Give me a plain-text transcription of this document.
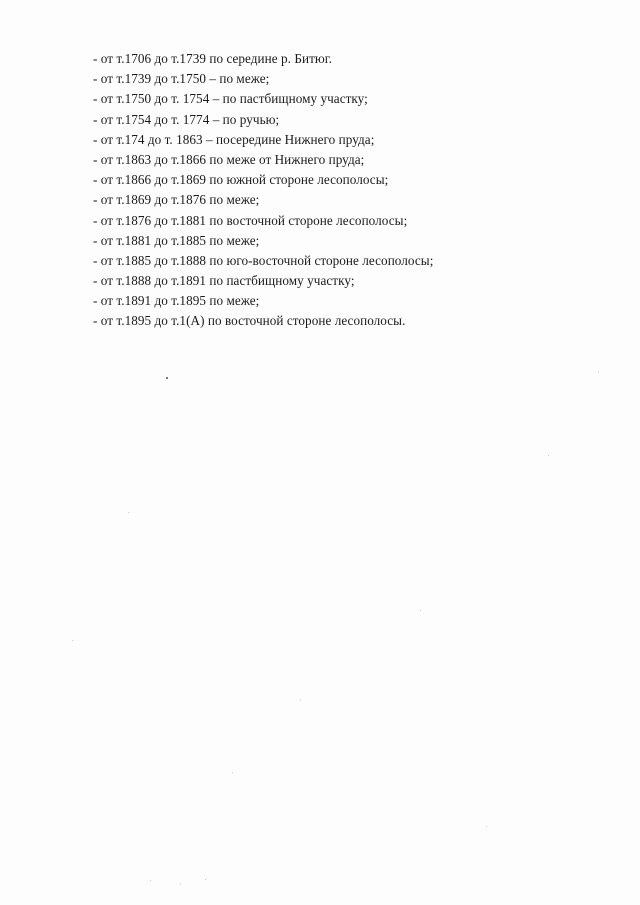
- от т.1706 до т.1739 по середине р. Битюг.
- от т.1739 до т.1750 – по меже;
- от т.1750 до т. 1754 – по пастбищному участку;
- от т.1754 до т. 1774 – по ручью;
- от т.174 до т. 1863 – посередине Нижнего пруда;
- от т.1863 до т.1866 по меже от Нижнего пруда;
- от т.1866 до т.1869 по южной стороне лесополосы;
- от т.1869 до т.1876 по меже;
- от т.1876 до т.1881 по восточной стороне лесополосы;
- от т.1881 до т.1885 по меже;
- от т.1885 до т.1888 по юго-восточной стороне лесополосы;
- от т.1888 до т.1891 по пастбищному участку;
- от т.1891 до т.1895 по меже;
- от т.1895 до т.1(А) по восточной стороне лесополосы.
